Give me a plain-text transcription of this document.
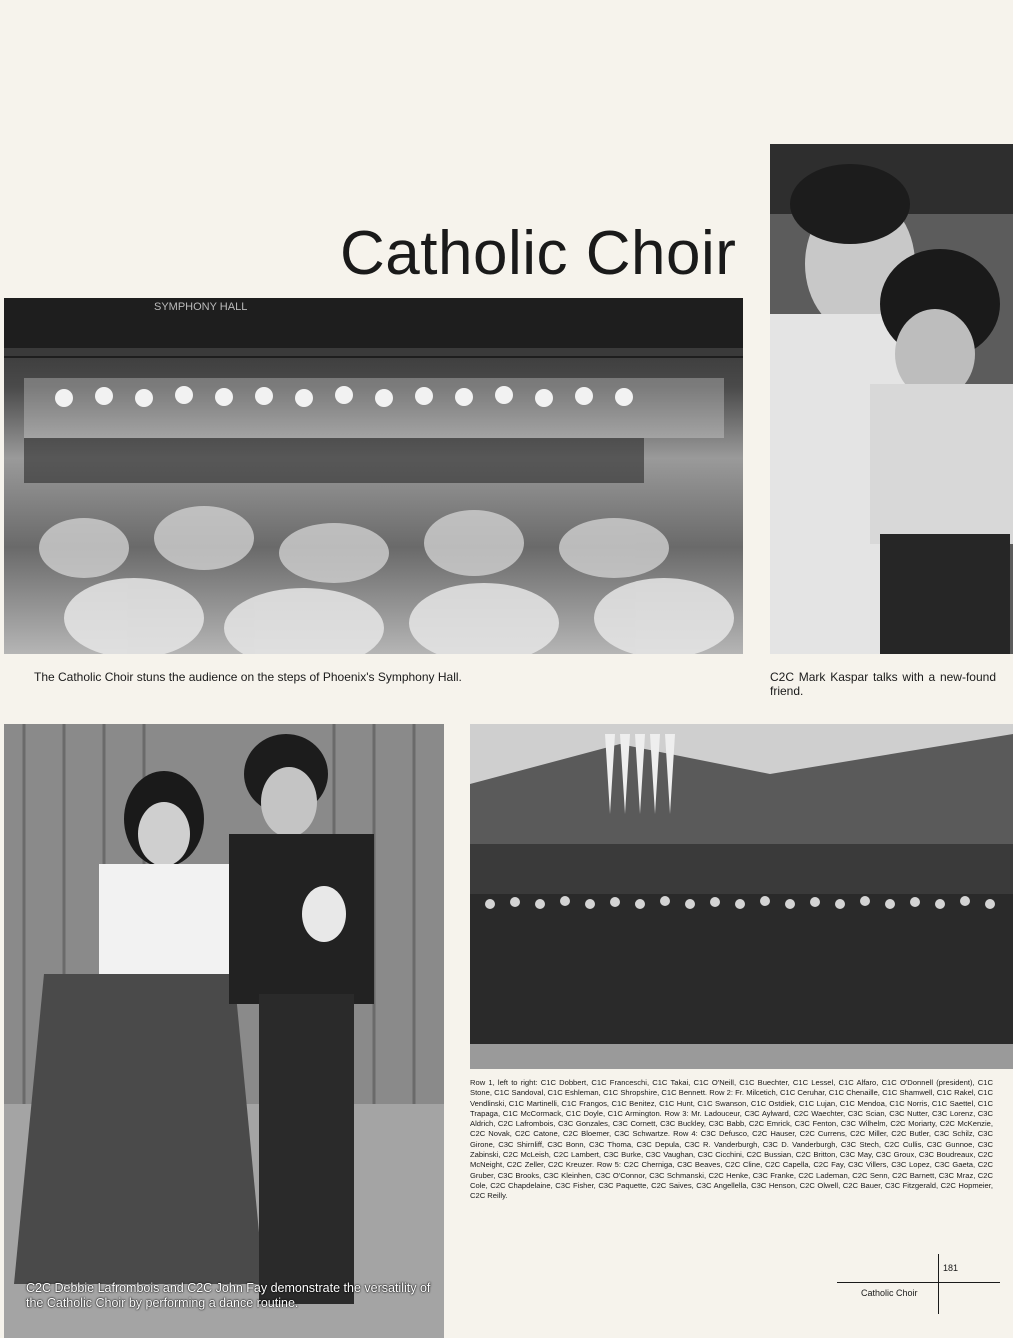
Catholic Choir
SYMPHONY HALL
The Catholic Choir stuns the audience on the steps of Phoenix's Symphony Hall.	C2C Mark Kaspar talks with a new-found friend.
C2C Debbie Lafrombois and C2C John Fay demonstrate the versatility of the Catholic Choir by performing a dance routine.
Row 1, left to right: C1C Dobbert, C1C Franceschi, C1C Takai, C1C O'Neill, C1C Buechter, C1C Lessel, C1C Alfaro, C1C O'Donnell (president), C1C Stone, C1C Sandoval, C1C Eshleman, C1C Shropshire, C1C Bennett. Row 2: Fr. Milcetich, C1C Ceruhar, C1C Chenaille, C1C Shamwell, C1C Rakel, C1C Vendlinski, C1C Martinelli, C1C Frangos, C1C Benitez, C1C Hunt, C1C Swanson, C1C Ostdiek, C1C Lujan, C1C Mendoa, C1C Norris, C1C Saettel, C1C Trapaga, C1C McCormack, C1C Doyle, C1C Armington. Row 3: Mr. Ladouceur, C3C Aylward, C2C Waechter, C3C Scian, C3C Nutter, C3C Lorenz, C3C Aldrich, C2C Lafrombois, C3C Gonzales, C3C Cornett, C3C Buckley, C3C Babb, C2C Emrick, C3C Fenton, C3C Wilhelm, C2C Moriarty, C2C McKenzie, C2C Novak, C2C Catone, C2C Bloemer, C3C Schwartze. Row 4: C3C Defusco, C2C Hauser, C2C Currens, C2C Miller, C2C Butler, C3C Schilz, C3C Girone, C3C Shirnliff, C3C Bonn, C3C Thoma, C3C Depula, C3C R. Vanderburgh, C3C D. Vanderburgh, C3C Stech, C2C Cullis, C3C Gunnoe, C3C Zabinski, C2C McLeish, C2C Lambert, C3C Burke, C3C Vaughan, C3C Cicchini, C2C Bussian, C2C Britton, C3C May, C3C Groux, C3C Boudreaux, C2C McNeight, C2C Zeller, C2C Kreuzer. Row 5: C2C Cherniga, C3C Beaves, C2C Cline, C2C Capella, C2C Fay, C3C Villers, C3C Lopez, C3C Gaeta, C2C Gruber, C3C Brooks, C3C Kleinhen, C3C O'Connor, C3C Schmanski, C2C Henke, C3C Franke, C2C Lademan, C2C Senn, C2C Barnett, C3C Mraz, C2C Cole, C2C Chapdelaine, C3C Fisher, C3C Paquette, C2C Saives, C3C Angellella, C3C Henson, C2C Olwell, C2C Bauer, C3C Fitzgerald, C2C Hopmeier, C2C Reilly.
181
Catholic Choir
